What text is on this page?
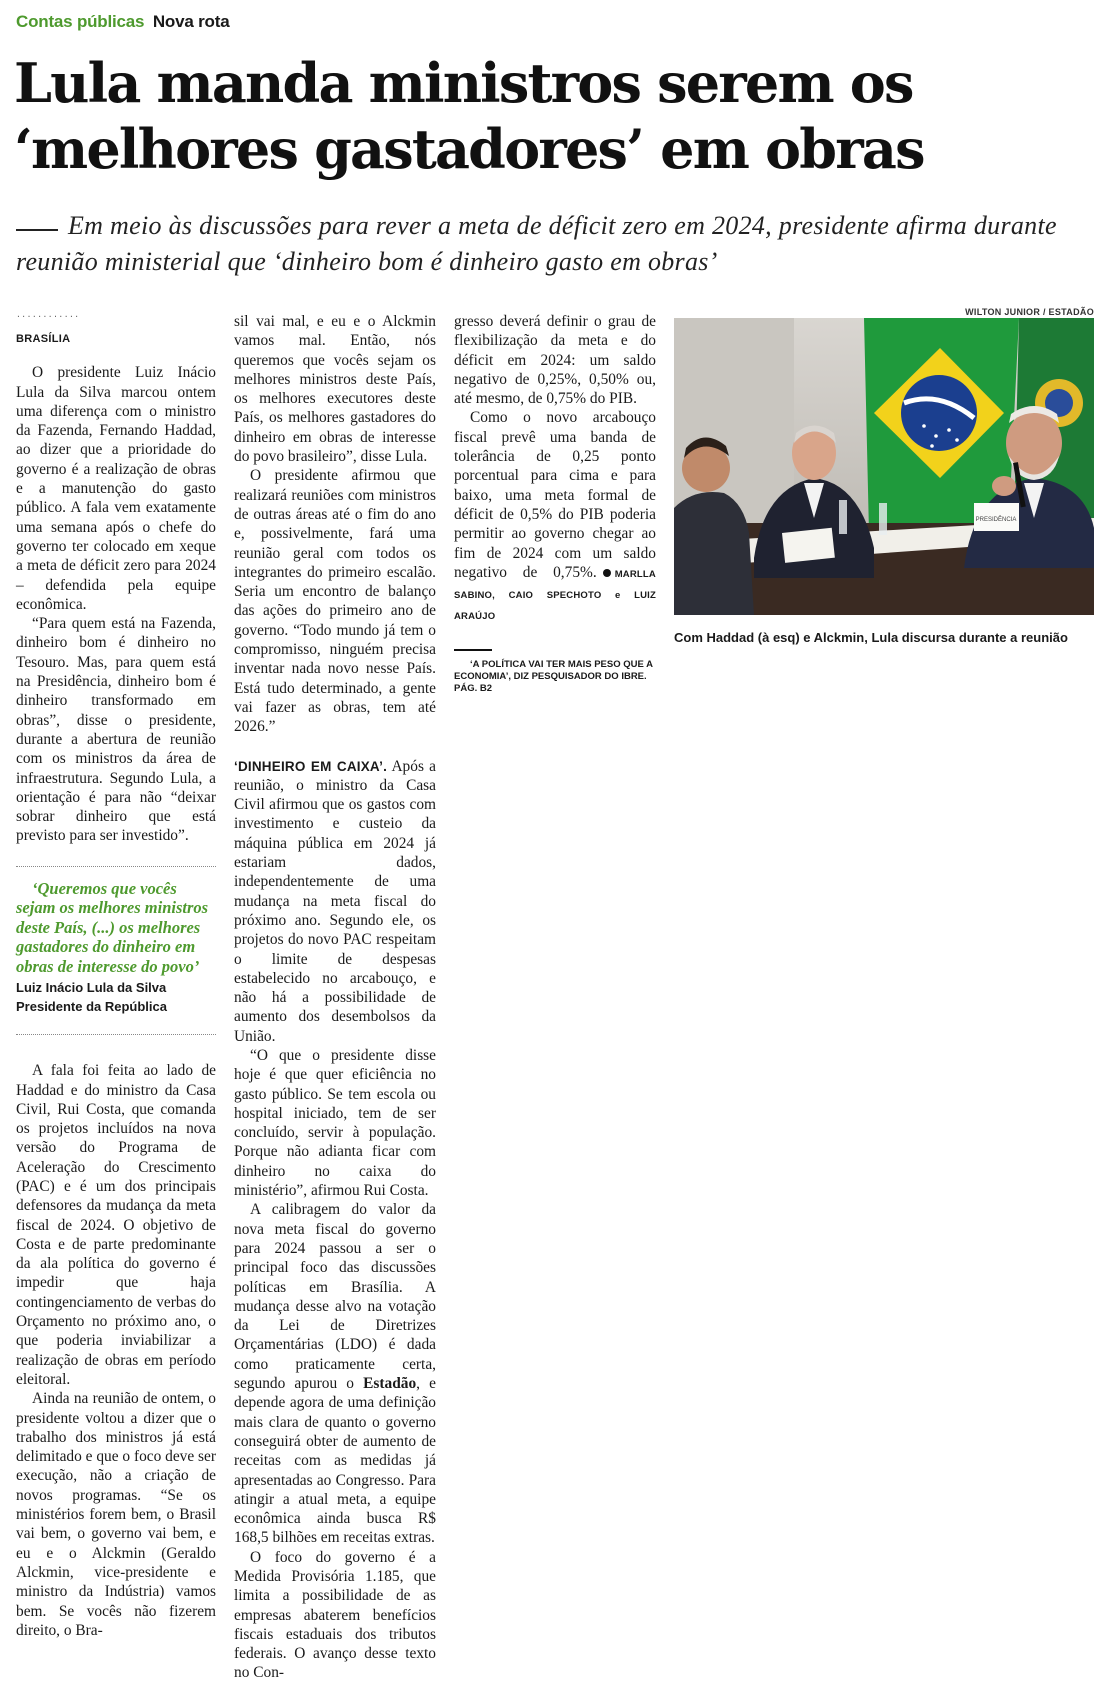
Contas públicas Nova rota
Lula manda ministros serem os ‘melhores gastadores’ em obras

Em meio às discussões para rever a meta de déficit zero em 2024, presidente afirma durante reunião ministerial que ‘dinheiro bom é dinheiro gasto em obras’

............
BRASÍLIA

O presidente Luiz Inácio Lula da Silva marcou ontem uma diferença com o ministro da Fazenda, Fernando Haddad, ao dizer que a prioridade do governo é a realização de obras e a manutenção do gasto público. A fala vem exatamente uma semana após o chefe do governo ter colocado em xeque a meta de déficit zero para 2024 – defendida pela equipe econômica.

“Para quem está na Fazenda, dinheiro bom é dinheiro no Tesouro. Mas, para quem está na Presidência, dinheiro bom é dinheiro transformado em obras”, disse o presidente, durante a abertura de reunião com os ministros da área de infraestrutura. Segundo Lula, a orientação é para não “deixar sobrar dinheiro que está previsto para ser investido”.

‘Queremos que vocês sejam os melhores ministros deste País, (...) os melhores gastadores do dinheiro em obras de interesse do povo’

Luiz Inácio Lula da Silva
Presidente da República

A fala foi feita ao lado de Haddad e do ministro da Casa Civil, Rui Costa, que comanda os projetos incluídos na nova versão do Programa de Aceleração do Crescimento (PAC) e é um dos principais defensores da mudança da meta fiscal de 2024. O objetivo de Costa e de parte predominante da ala política do governo é impedir que haja contingenciamento de verbas do Orçamento no próximo ano, o que poderia inviabilizar a realização de obras em período eleitoral.

Ainda na reunião de ontem, o presidente voltou a dizer que o trabalho dos ministros já está delimitado e que o foco deve ser execução, não a criação de novos programas. “Se os ministérios forem bem, o Brasil vai bem, o governo vai bem, e eu e o Alckmin (Geraldo Alckmin, vice-presidente e ministro da Indústria) vamos bem. Se vocês não fizerem direito, o Bra-

sil vai mal, e eu e o Alckmin vamos mal. Então, nós queremos que vocês sejam os melhores ministros deste País, os melhores executores deste País, os melhores gastadores do dinheiro em obras de interesse do povo brasileiro”, disse Lula.

O presidente afirmou que realizará reuniões com ministros de outras áreas até o fim do ano e, possivelmente, fará uma reunião geral com todos os integrantes do primeiro escalão. Seria um encontro de balanço das ações do primeiro ano de governo. “Todo mundo já tem o compromisso, ninguém precisa inventar nada novo nesse País. Está tudo determinado, a gente vai fazer as obras, tem até 2026.”

‘DINHEIRO EM CAIXA’. Após a reunião, o ministro da Casa Civil afirmou que os gastos com investimento e custeio da máquina pública em 2024 já estariam dados, independentemente de uma mudança na meta fiscal do próximo ano. Segundo ele, os projetos do novo PAC respeitam o limite de despesas estabelecido no arcabouço, e não há a possibilidade de aumento dos desembolsos da União.

“O que o presidente disse hoje é que quer eficiência no gasto público. Se tem escola ou hospital iniciado, tem de ser concluído, servir à população. Porque não adianta ficar com dinheiro no caixa do ministério”, afirmou Rui Costa.

A calibragem do valor da nova meta fiscal do governo para 2024 passou a ser o principal foco das discussões políticas em Brasília. A mudança desse alvo na votação da Lei de Diretrizes Orçamentárias (LDO) é dada como praticamente certa, segundo apurou o Estadão, e depende agora de uma definição mais clara de quanto o governo conseguirá obter de aumento de receitas com as medidas já apresentadas ao Congresso. Para atingir a atual meta, a equipe econômica ainda busca R$ 168,5 bilhões em receitas extras.

O foco do governo é a Medida Provisória 1.185, que limita a possibilidade de as empresas abaterem benefícios fiscais estaduais dos tributos federais. O avanço desse texto no Con-

gresso deverá definir o grau de flexibilização da meta e do déficit em 2024: um saldo negativo de 0,25%, 0,50% ou, até mesmo, de 0,75% do PIB.

Como o novo arcabouço fiscal prevê uma banda de tolerância de 0,25 ponto porcentual para cima e para baixo, uma meta formal de déficit de 0,5% do PIB poderia permitir ao governo chegar ao fim de 2024 com um saldo negativo de 0,75%. MARLLA SABINO, CAIO SPECHOTO e LUIZ ARAÚJO

‘A POLÍTICA VAI TER MAIS PESO QUE A ECONOMIA’, DIZ PESQUISADOR DO IBRE. PÁG. B2

WILTON JUNIOR / ESTADÃO
PRESIDÊNCIA
Com Haddad (à esq) e Alckmin, Lula discursa durante a reunião
